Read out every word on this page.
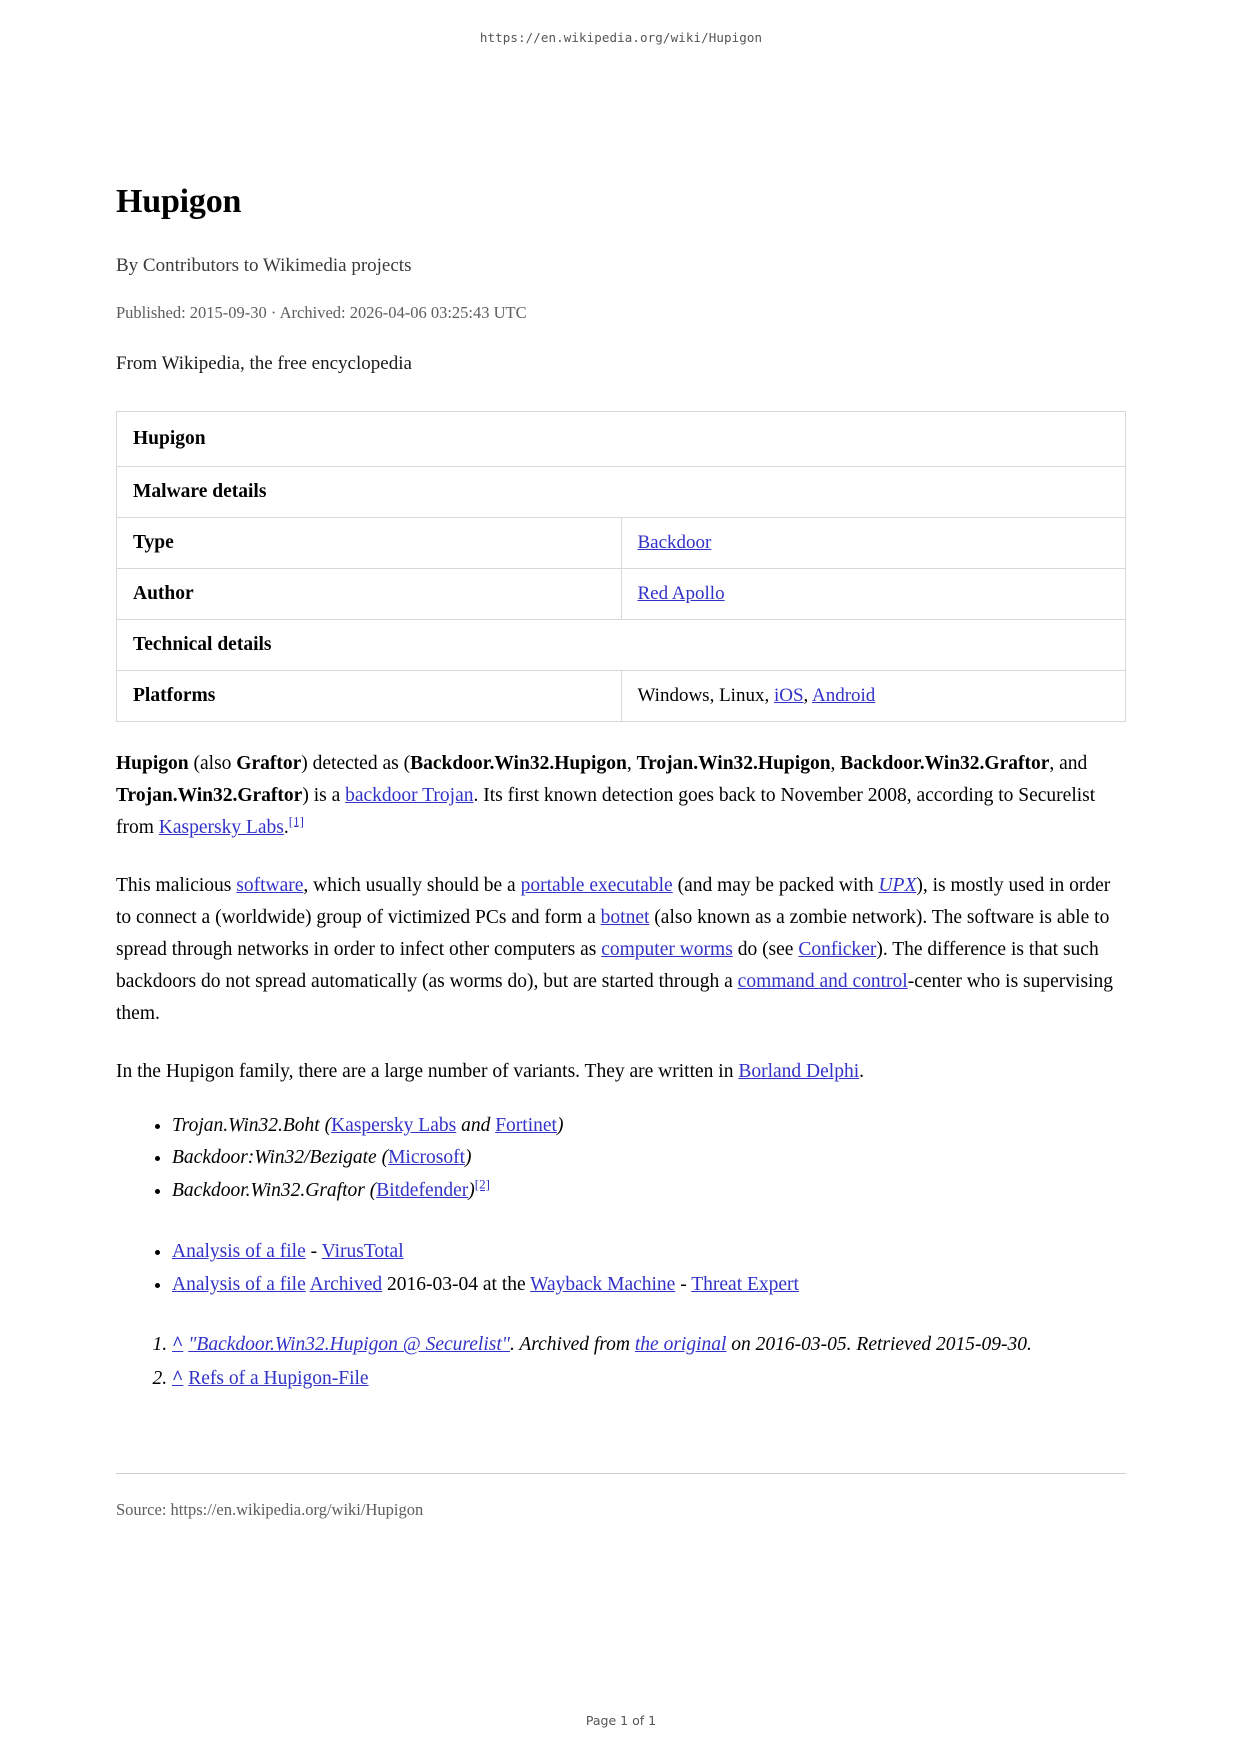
https://en.wikipedia.org/wiki/Hupigon
Hupigon
By Contributors to Wikimedia projects
Published: 2015-09-30 · Archived: 2026-04-06 03:25:43 UTC
From Wikipedia, the free encyclopedia
Hupigon	
Malware details	
Type	Backdoor
Author	Red Apollo
Technical details	
Platforms	Windows, Linux, iOS, Android

Hupigon (also Graftor) detected as (Backdoor.Win32.Hupigon, Trojan.Win32.Hupigon, Backdoor.Win32.Graftor, and Trojan.Win32.Graftor) is a backdoor Trojan. Its first known detection goes back to November 2008, according to Securelist from Kaspersky Labs.[1]

This malicious software, which usually should be a portable executable (and may be packed with UPX), is mostly used in order to connect a (worldwide) group of victimized PCs and form a botnet (also known as a zombie network). The software is able to spread through networks in order to infect other computers as computer worms do (see Conficker). The difference is that such backdoors do not spread automatically (as worms do), but are started through a command and control-center who is supervising them.

In the Hupigon family, there are a large number of variants. They are written in Borland Delphi.

• Trojan.Win32.Boht (Kaspersky Labs and Fortinet)
• Backdoor:Win32/Bezigate (Microsoft)
• Backdoor.Win32.Graftor (Bitdefender)[2]
• Analysis of a file - VirusTotal
• Analysis of a file Archived 2016-03-04 at the Wayback Machine - Threat Expert
1. ^ "Backdoor.Win32.Hupigon @ Securelist". Archived from the original on 2016-03-05. Retrieved 2015-09-30.
2. ^ Refs of a Hupigon-File
Source: https://en.wikipedia.org/wiki/Hupigon
Page 1 of 1
